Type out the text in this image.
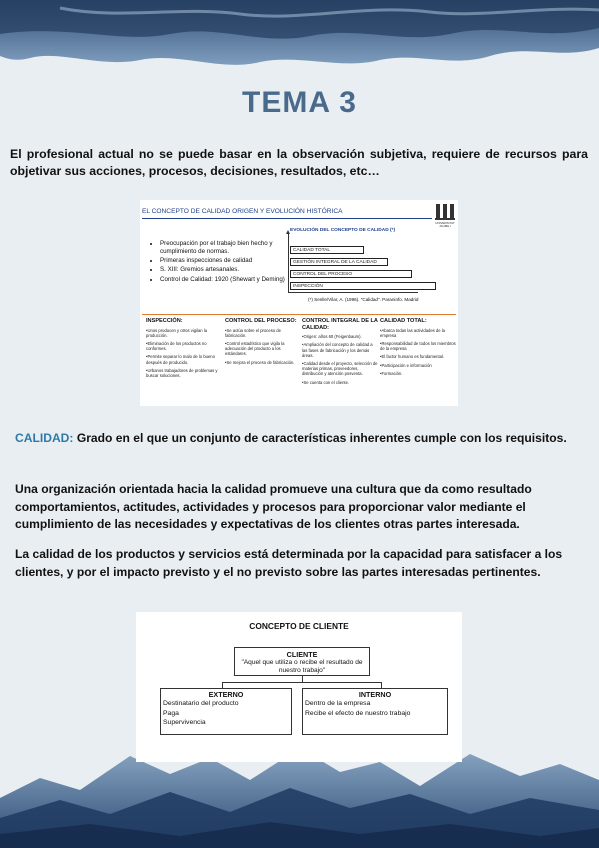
TEMA 3
El profesional actual no se puede basar en la observación subjetiva, requiere de recursos para objetivar sus acciones, procesos, decisiones, resultados, etc…
EL CONCEPTO DE CALIDAD ORIGEN Y EVOLUCIÓN HISTÓRICA
UNIVERSITAT JAUME I
• Preocupación por el trabajo bien hecho y cumplimiento de normas.
• Primeras inspecciones de calidad
• S. XIII: Gremios artesanales.
• Control de Calidad: 1920 (Shewart y Deming)
EVOLUCIÓN DEL CONCEPTO DE CALIDAD (*)
CALIDAD TOTAL
GESTIÓN INTEGRAL DE LA CALIDAD
CONTROL DEL PROCESO
INSPECCIÓN
(*) Senlle/Vilar, A. (1996). "Calidad". Paraninfo. Madrid
INSPECCIÓN:
•Unos producen y otros vigilan la producción.
•Eliminación de los productos no conformes.
•Permite separar lo malo de lo bueno después de producido.
•Urbanos trabajadores de problemas y buscar soluciones.
CONTROL DEL PROCESO:
•Se actúa sobre el proceso de fabricación.
•Control estadístico que vigila la adecuación del producto a los estándares.
•Se mejora el proceso de fabricación.
CONTROL INTEGRAL DE LA CALIDAD:
•Origen: años 60 (Feigenbaum).
•Ampliación del concepto de calidad a las fases de fabricación y los demás áreas.
•Calidad desde el proyecto, selección de materias primas, proveedores, distribución y atención posventa.
•Se cuenta con el cliente.
CALIDAD TOTAL:
•Abarca todas las actividades de la empresa
•Responsabilidad de todos los miembros de la empresa
•El factor humano es fundamental.
•Participación e información
•Formación.
CALIDAD: Grado en el que un conjunto de características inherentes cumple con los requisitos.
Una organización orientada hacia la calidad promueve una cultura que da como resultado comportamientos, actitudes, actividades y procesos para proporcionar valor mediante el cumplimiento de las necesidades y expectativas de los clientes otras partes interesada.
La calidad de los productos y servicios está determinada por la capacidad para satisfacer a los clientes, y por el impacto previsto y el no previsto sobre las partes interesadas pertinentes.
CONCEPTO DE CLIENTE
CLIENTE
"Aquel que utiliza o recibe el resultado de nuestro trabajo"
EXTERNO
Destinatario del producto
Paga
Supervivencia
INTERNO
Dentro de la empresa
Recibe el efecto de nuestro trabajo
